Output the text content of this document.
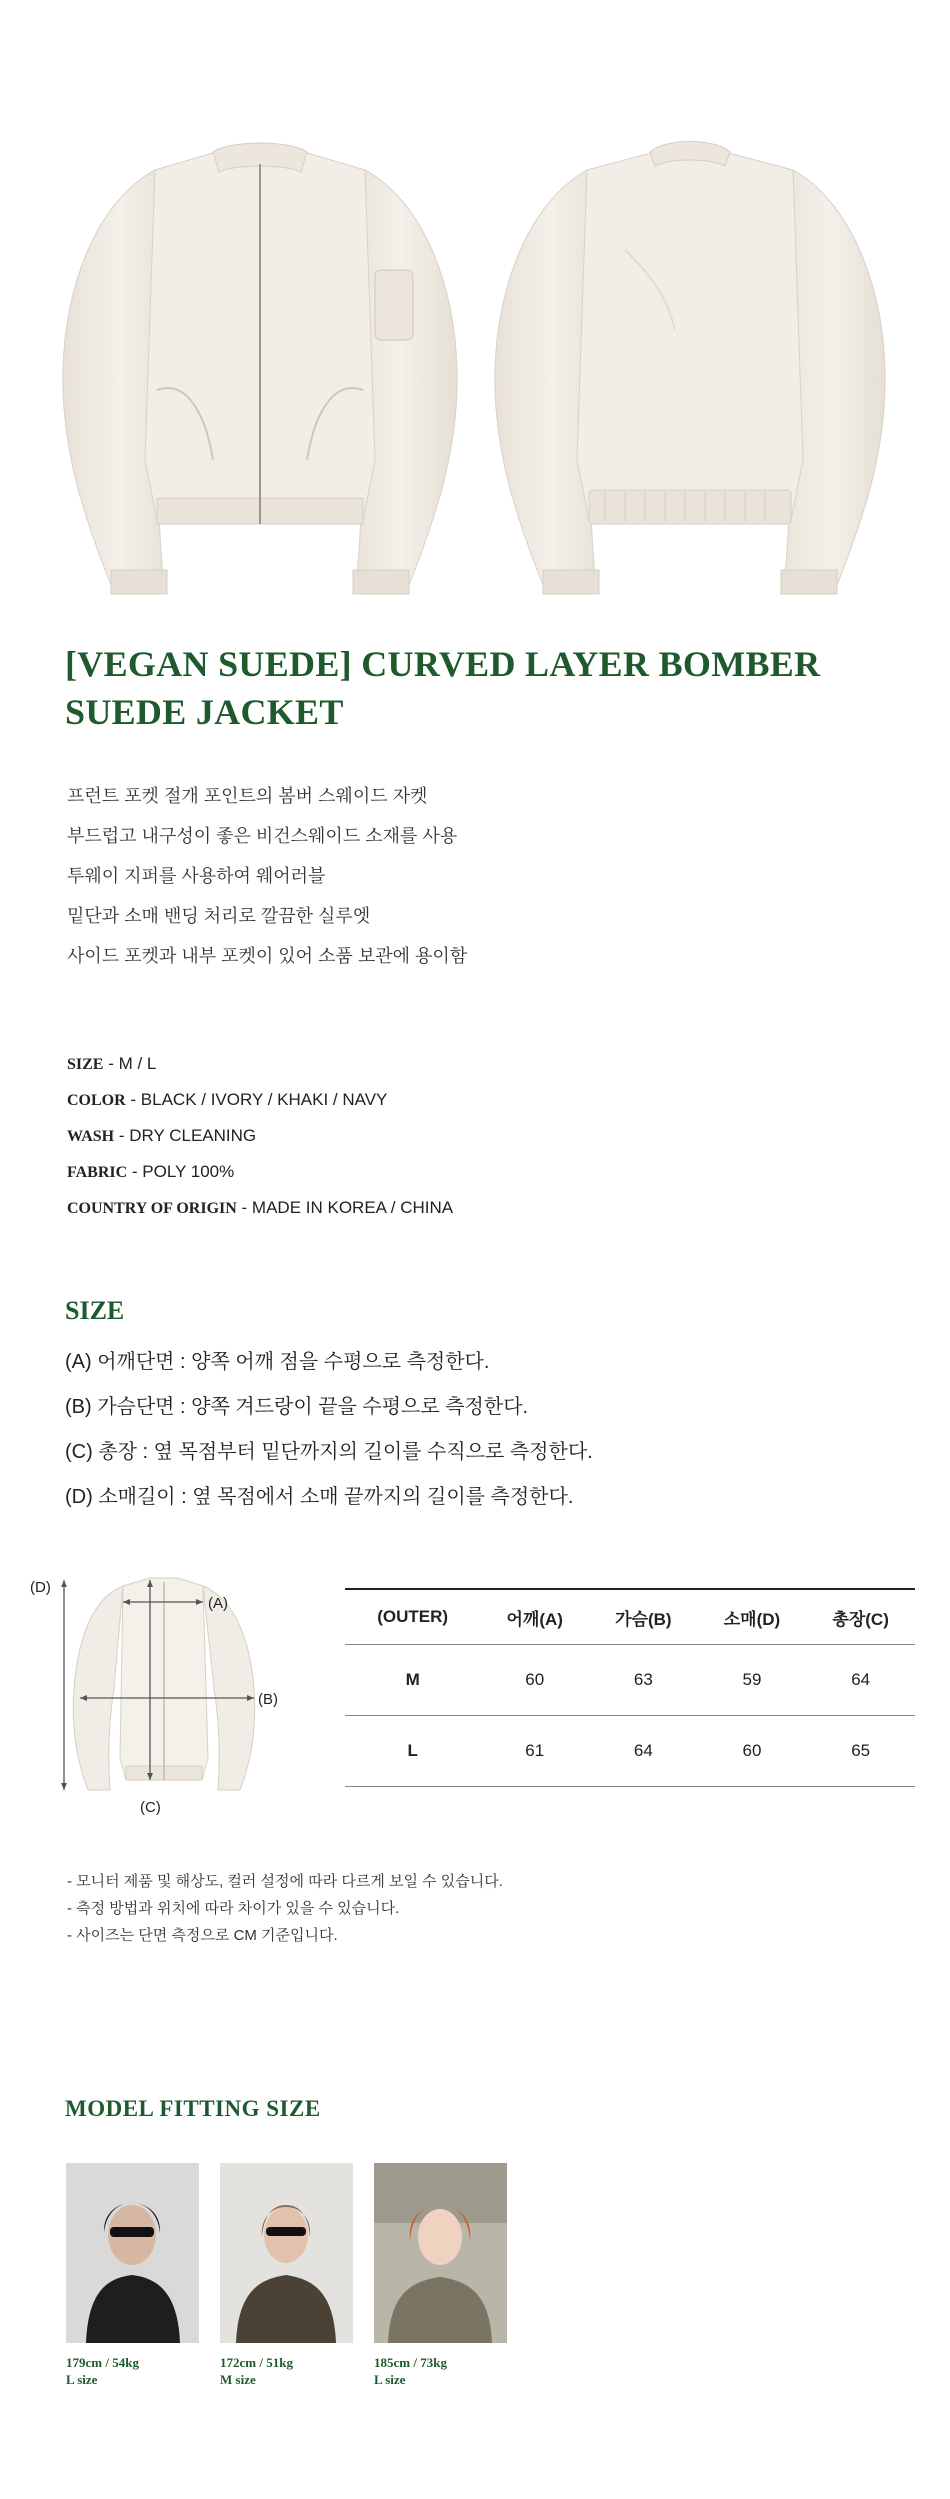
[VEGAN SUEDE] CURVED LAYER BOMBER SUEDE JACKET
프런트 포켓 절개 포인트의 봄버 스웨이드 자켓
부드럽고 내구성이 좋은 비건스웨이드 소재를 사용
투웨이 지퍼를 사용하여 웨어러블
밑단과 소매 밴딩 처리로 깔끔한 실루엣
사이드 포켓과 내부 포켓이 있어 소품 보관에 용이함
SIZE - M / L
COLOR - BLACK / IVORY / KHAKI / NAVY
WASH - DRY CLEANING
FABRIC - POLY 100%
COUNTRY OF ORIGIN - MADE IN KOREA / CHINA
SIZE
(A) 어깨단면 : 양쪽 어깨 점을 수평으로 측정한다.
(B) 가슴단면 : 양쪽 겨드랑이 끝을 수평으로 측정한다.
(C) 총장 : 옆 목점부터 밑단까지의 길이를 수직으로 측정한다.
(D) 소매길이 : 옆 목점에서 소매 끝까지의 길이를 측정한다.
(A)
(B)
(C)
(D)
(OUTER)	어깨(A)	가슴(B)	소매(D)	총장(C)
M	60	63	59	64
L	61	64	60	65
- 모니터 제품 및 해상도, 컬러 설정에 따라 다르게 보일 수 있습니다.
- 측정 방법과 위치에 따라 차이가 있을 수 있습니다.
- 사이즈는 단면 측정으로 CM 기준입니다.
MODEL FITTING SIZE
179cm / 54kg
L size
172cm / 51kg
M size
185cm / 73kg
L size
